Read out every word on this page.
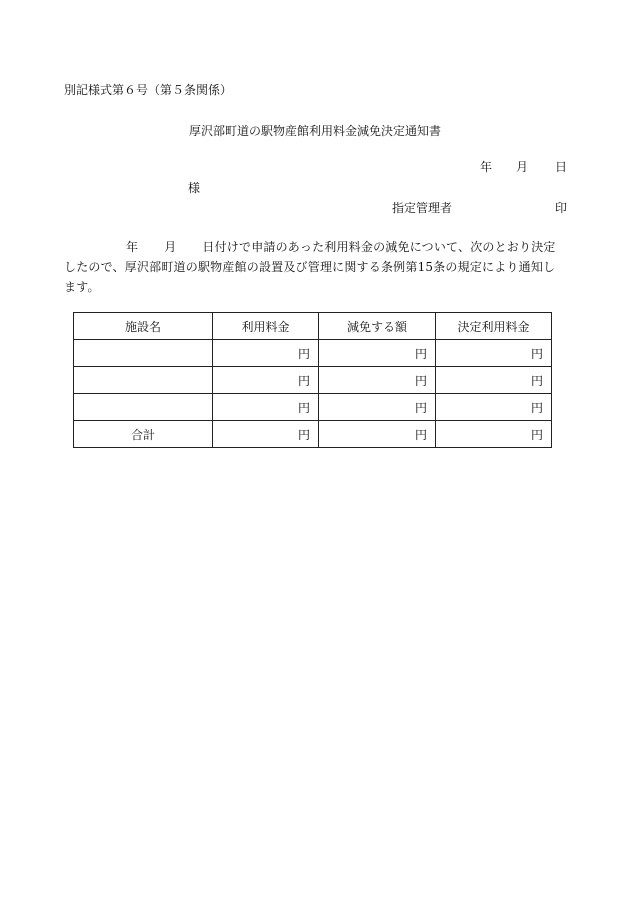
別記様式第６号（第５条関係）
厚沢部町道の駅物産館利用料金減免決定通知書
年 月 日
様
指定管理者	印
年 月 日付けで申請のあった利用料金の減免について、次のとおり決定
したので、厚沢部町道の駅物産館の設置及び管理に関する条例第15条の規定により通知し
ます。
施設名	利用料金	減免する額	決定利用料金
	円	円	円
	円	円	円
	円	円	円
合計	円	円	円
